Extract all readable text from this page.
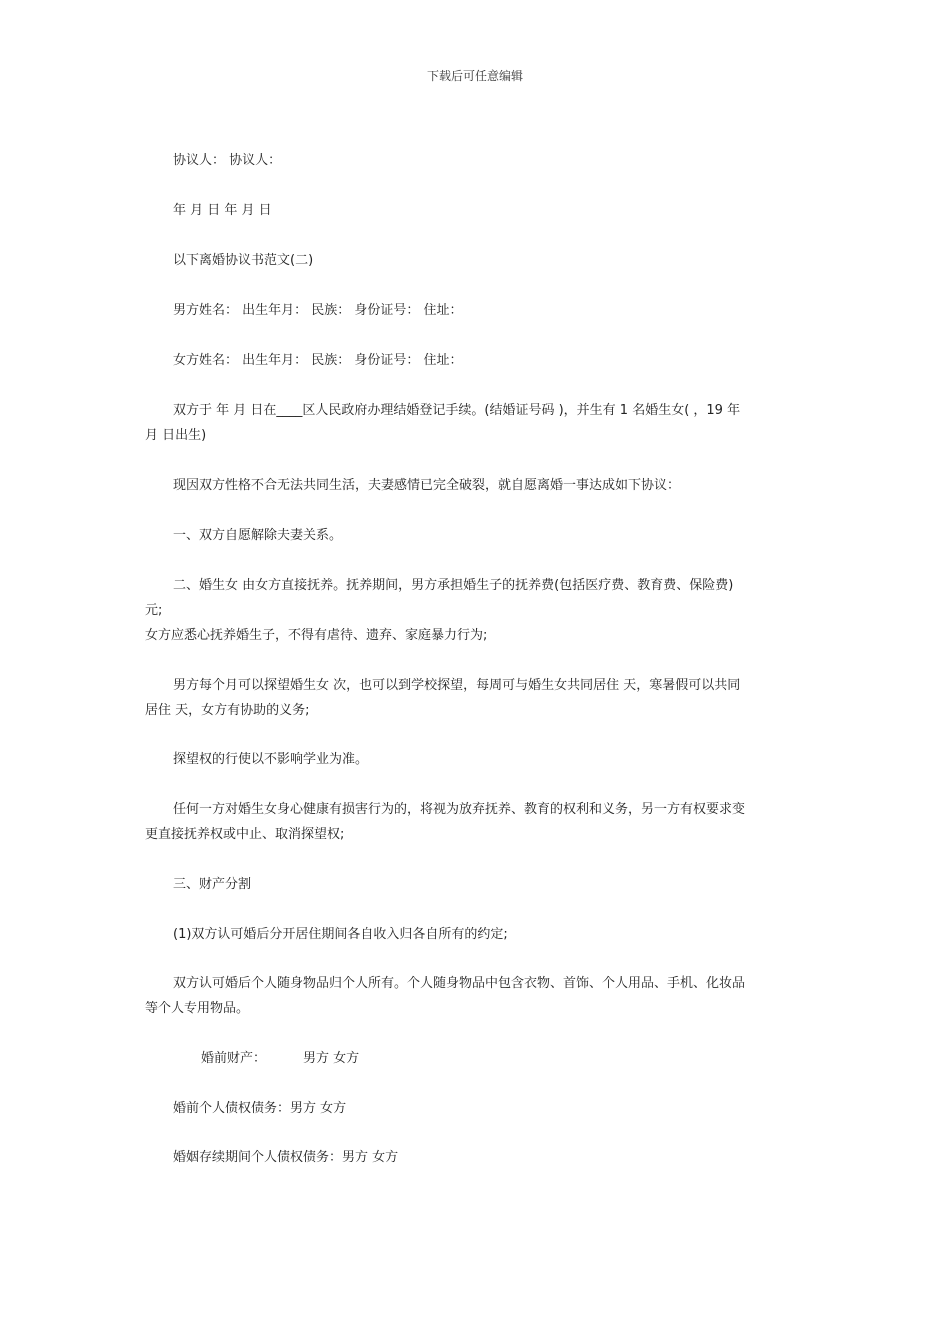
下载后可任意编辑
协议人： 协议人：
年 月 日 年 月 日
以下离婚协议书范文(二)
男方姓名： 出生年月： 民族： 身份证号： 住址：
女方姓名： 出生年月： 民族： 身份证号： 住址：
双方于 年 月 日在____区人民政府办理结婚登记手续。(结婚证号码 )，并生有 1 名婚生女( ，19 年
月 日出生)
现因双方性格不合无法共同生活，夫妻感情已完全破裂，就自愿离婚一事达成如下协议：
一、双方自愿解除夫妻关系。
二、婚生女 由女方直接抚养。抚养期间，男方承担婚生子的抚养费(包括医疗费、教育费、保险费)
元;
女方应悉心抚养婚生子，不得有虐待、遗弃、家庭暴力行为;
男方每个月可以探望婚生女 次，也可以到学校探望，每周可与婚生女共同居住 天，寒暑假可以共同
居住 天，女方有协助的义务;
探望权的行使以不影响学业为准。
任何一方对婚生女身心健康有损害行为的，将视为放弃抚养、教育的权利和义务，另一方有权要求变
更直接抚养权或中止、取消探望权;
三、财产分割
(1)双方认可婚后分开居住期间各自收入归各自所有的约定;
双方认可婚后个人随身物品归个人所有。个人随身物品中包含衣物、首饰、个人用品、手机、化妆品
等个人专用物品。
婚前财产：	男方 女方
婚前个人债权债务：男方 女方
婚姻存续期间个人债权债务：男方 女方
